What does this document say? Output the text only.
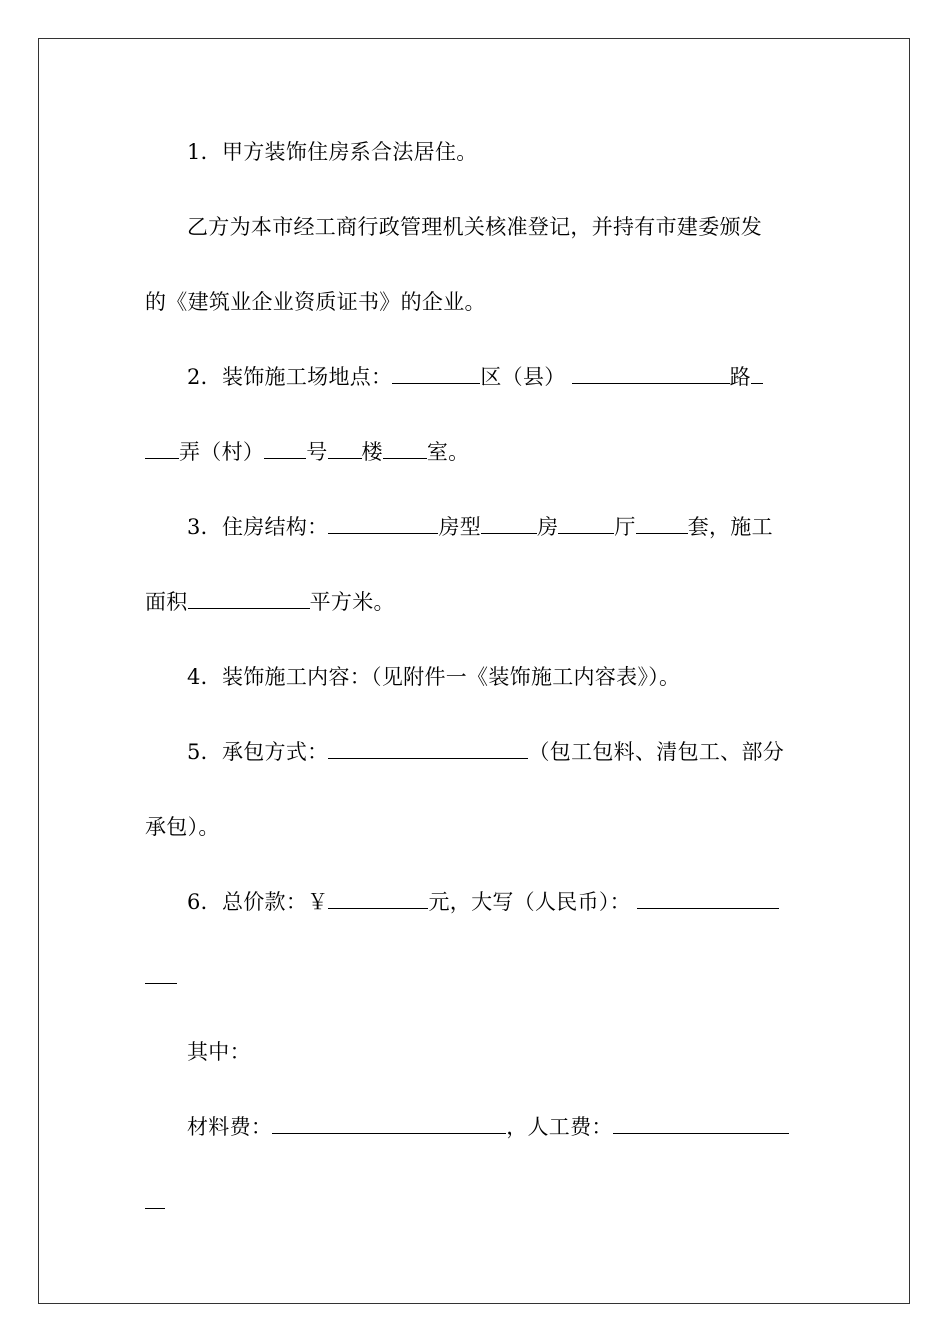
1．甲方装饰住房系合法居住。
乙方为本市经工商行政管理机关核准登记，并持有市建委颁发
的《建筑业企业资质证书》的企业。
2．装饰施工场地点：	区（县）	路
弄（村） 号 楼 室。
3．住房结构：	房型	房	厅 套，施工
面积	平方米。
4．装饰施工内容：（见附件一《装饰施工内容表》）。
5．承包方式：	（包工包料、清包工、部分
承包）。
6．总价款：￥	元，大写（人民币）：
其中：
材料费：	，人工费：
